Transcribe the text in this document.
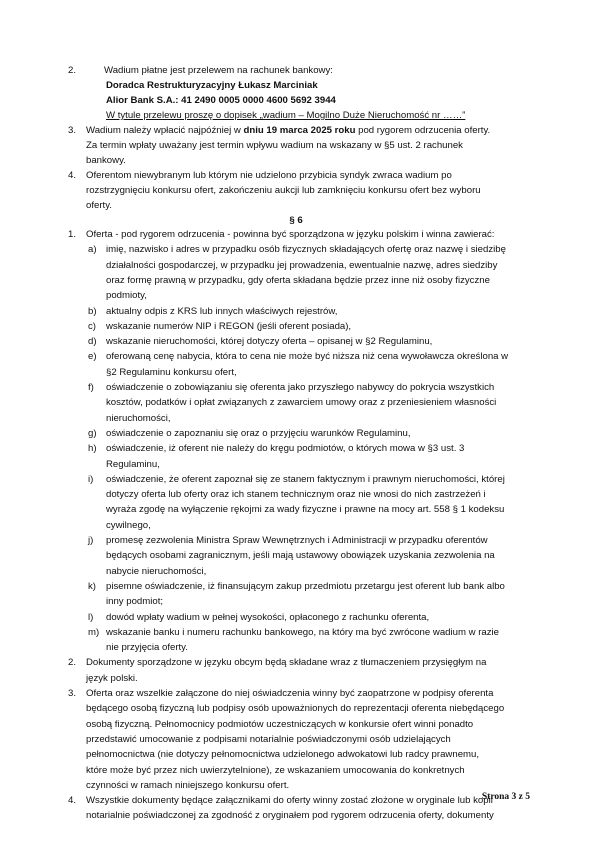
2.	Wadium płatne jest przelewem na rachunek bankowy:
Doradca Restrukturyzacyjny Łukasz Marciniak
Alior Bank S.A.: 41 2490 0005 0000 4600 5692 3944
W tytule przelewu proszę o dopisek „wadium – Mogilno Duże Nieruchomość nr ……”
3.	Wadium należy wpłacić najpóźniej w dniu 19 marca 2025 roku pod rygorem odrzucenia oferty.
Za termin wpłaty uważany jest termin wpływu wadium na wskazany w §5 ust. 2 rachunek
bankowy.
4.	Oferentom niewybranym lub którym nie udzielono przybicia syndyk zwraca wadium po
rozstrzygnięciu konkursu ofert, zakończeniu aukcji lub zamknięciu konkursu ofert bez wyboru
oferty.
§ 6
1.	Oferta - pod rygorem odrzucenia - powinna być sporządzona w języku polskim i winna zawierać:
a) imię, nazwisko i adres w przypadku osób fizycznych składających ofertę oraz nazwę i siedzibę
działalności gospodarczej, w przypadku jej prowadzenia, ewentualnie nazwę, adres siedziby
oraz formę prawną w przypadku, gdy oferta składana będzie przez inne niż osoby fizyczne
podmioty,
b) aktualny odpis z KRS lub innych właściwych rejestrów,
c)	wskazanie numerów NIP i REGON (jeśli oferent posiada),
d) wskazanie nieruchomości, której dotyczy oferta – opisanej w §2 Regulaminu,
e) oferowaną cenę nabycia, która to cena nie może być niższa niż cena wywoławcza określona w
§2 Regulaminu konkursu ofert,
f)	oświadczenie o zobowiązaniu się oferenta jako przyszłego nabywcy do pokrycia wszystkich
kosztów, podatków i opłat związanych z zawarciem umowy oraz z przeniesieniem własności
nieruchomości,
g) oświadczenie o zapoznaniu się oraz o przyjęciu warunków Regulaminu,
h) oświadczenie, iż oferent nie należy do kręgu podmiotów, o których mowa w §3 ust. 3
Regulaminu,
i)	oświadczenie, że oferent zapoznał się ze stanem faktycznym i prawnym nieruchomości, której
dotyczy oferta lub oferty oraz ich stanem technicznym oraz nie wnosi do nich zastrzeżeń i
wyraża zgodę na wyłączenie rękojmi za wady fizyczne i prawne na mocy art. 558 § 1 kodeksu
cywilnego,
j)	promesę zezwolenia Ministra Spraw Wewnętrznych i Administracji w przypadku oferentów
będących osobami zagranicznym, jeśli mają ustawowy obowiązek uzyskania zezwolenia na
nabycie nieruchomości,
k)	pisemne oświadczenie, iż finansującym zakup przedmiotu przetargu jest oferent lub bank albo
inny podmiot;
l)	dowód wpłaty wadium w pełnej wysokości, opłaconego z rachunku oferenta,
m) wskazanie banku i numeru rachunku bankowego, na który ma być zwrócone wadium w razie
nie przyjęcia oferty.
2.	Dokumenty sporządzone w języku obcym będą składane wraz z tłumaczeniem przysięgłym na
język polski.
3.	Oferta oraz wszelkie załączone do niej oświadczenia winny być zaopatrzone w podpisy oferenta
będącego osobą fizyczną lub podpisy osób upoważnionych do reprezentacji oferenta niebędącego
osobą fizyczną. Pełnomocnicy podmiotów uczestniczących w konkursie ofert winni ponadto
przedstawić umocowanie z podpisami notarialnie poświadczonymi osób udzielających
pełnomocnictwa (nie dotyczy pełnomocnictwa udzielonego adwokatowi lub radcy prawnemu,
które może być przez nich uwierzytelnione), ze wskazaniem umocowania do konkretnych
czynności w ramach niniejszego konkursu ofert.
4.	Wszystkie dokumenty będące załącznikami do oferty winny zostać złożone w oryginale lub kopii
notarialnie poświadczonej za zgodność z oryginałem pod rygorem odrzucenia oferty, dokumenty
Strona 3 z 5
